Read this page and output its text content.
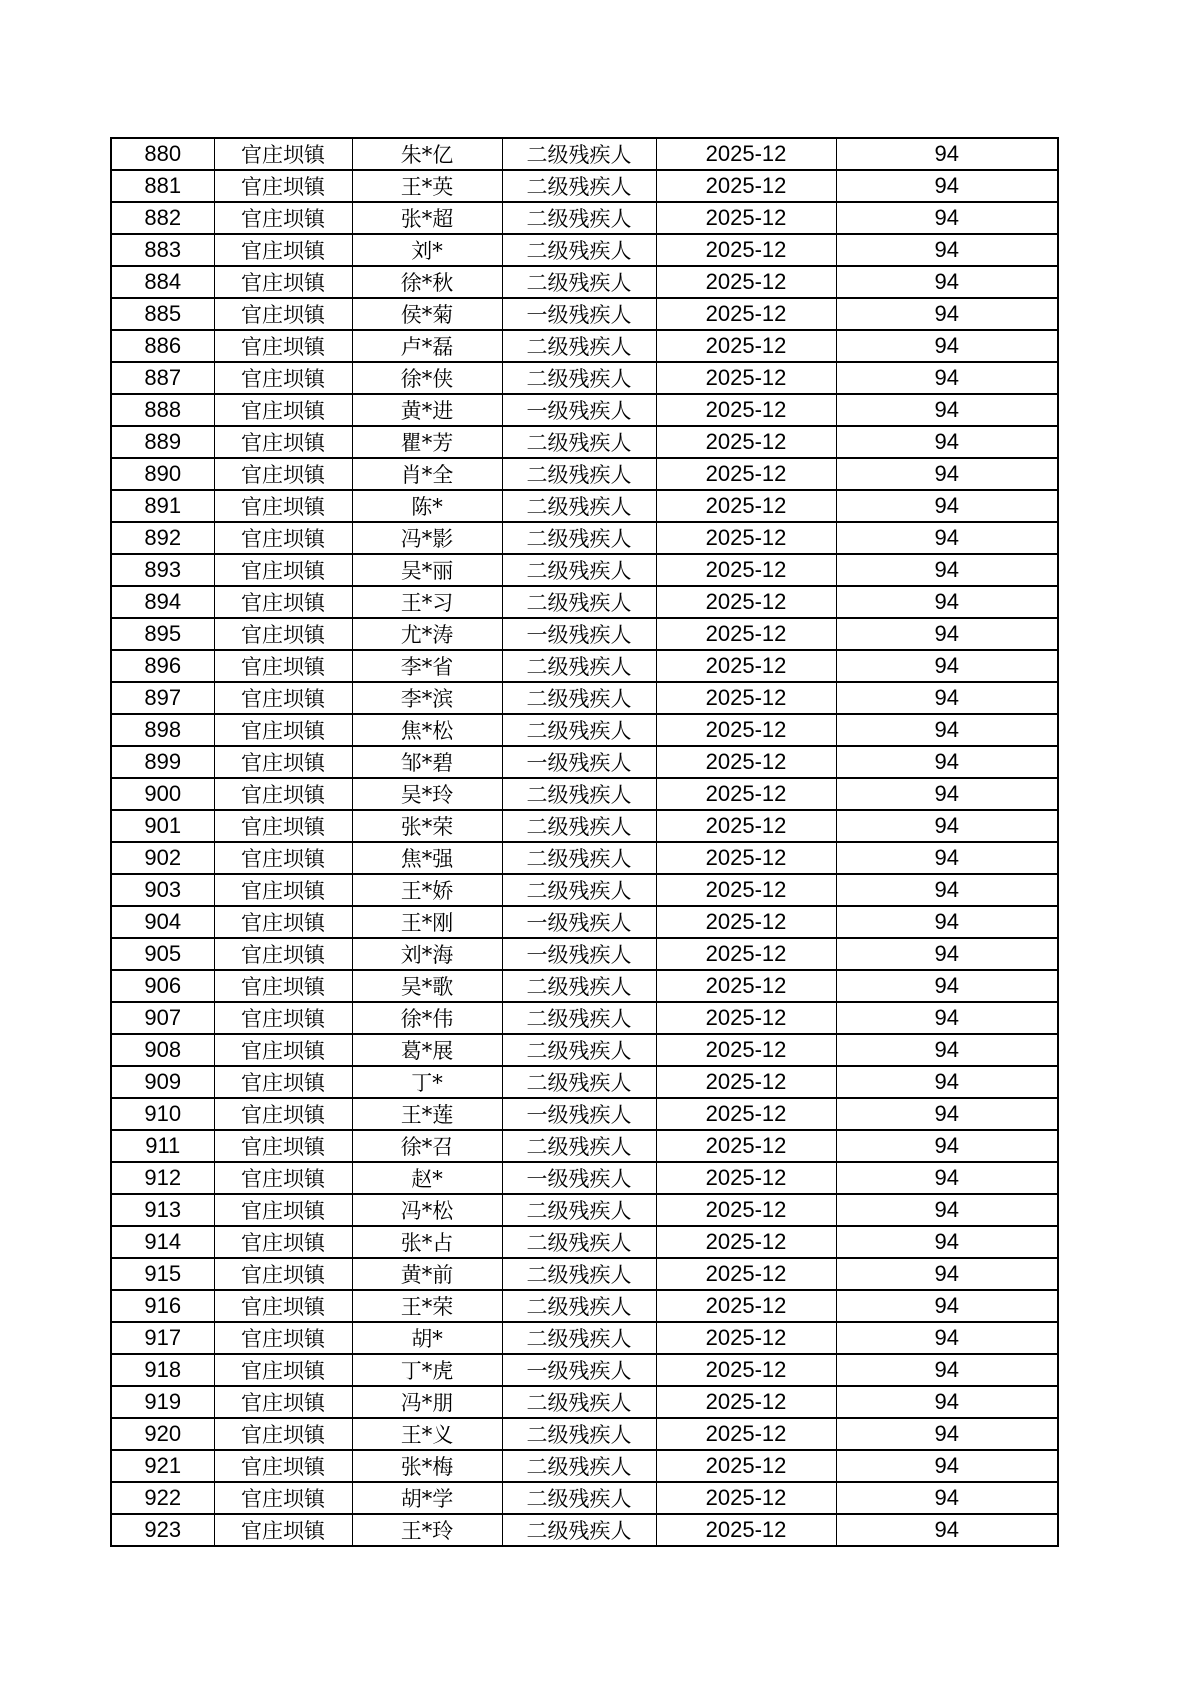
880	官庄坝镇	朱*亿	二级残疾人	2025-12	94
881	官庄坝镇	王*英	二级残疾人	2025-12	94
882	官庄坝镇	张*超	二级残疾人	2025-12	94
883	官庄坝镇	刘*	二级残疾人	2025-12	94
884	官庄坝镇	徐*秋	二级残疾人	2025-12	94
885	官庄坝镇	侯*菊	一级残疾人	2025-12	94
886	官庄坝镇	卢*磊	二级残疾人	2025-12	94
887	官庄坝镇	徐*侠	二级残疾人	2025-12	94
888	官庄坝镇	黄*进	一级残疾人	2025-12	94
889	官庄坝镇	瞿*芳	二级残疾人	2025-12	94
890	官庄坝镇	肖*全	二级残疾人	2025-12	94
891	官庄坝镇	陈*	二级残疾人	2025-12	94
892	官庄坝镇	冯*影	二级残疾人	2025-12	94
893	官庄坝镇	吴*丽	二级残疾人	2025-12	94
894	官庄坝镇	王*习	二级残疾人	2025-12	94
895	官庄坝镇	尤*涛	一级残疾人	2025-12	94
896	官庄坝镇	李*省	二级残疾人	2025-12	94
897	官庄坝镇	李*滨	二级残疾人	2025-12	94
898	官庄坝镇	焦*松	二级残疾人	2025-12	94
899	官庄坝镇	邹*碧	一级残疾人	2025-12	94
900	官庄坝镇	吴*玲	二级残疾人	2025-12	94
901	官庄坝镇	张*荣	二级残疾人	2025-12	94
902	官庄坝镇	焦*强	二级残疾人	2025-12	94
903	官庄坝镇	王*娇	二级残疾人	2025-12	94
904	官庄坝镇	王*刚	一级残疾人	2025-12	94
905	官庄坝镇	刘*海	一级残疾人	2025-12	94
906	官庄坝镇	吴*歌	二级残疾人	2025-12	94
907	官庄坝镇	徐*伟	二级残疾人	2025-12	94
908	官庄坝镇	葛*展	二级残疾人	2025-12	94
909	官庄坝镇	丁*	二级残疾人	2025-12	94
910	官庄坝镇	王*莲	一级残疾人	2025-12	94
911	官庄坝镇	徐*召	二级残疾人	2025-12	94
912	官庄坝镇	赵*	一级残疾人	2025-12	94
913	官庄坝镇	冯*松	二级残疾人	2025-12	94
914	官庄坝镇	张*占	二级残疾人	2025-12	94
915	官庄坝镇	黄*前	二级残疾人	2025-12	94
916	官庄坝镇	王*荣	二级残疾人	2025-12	94
917	官庄坝镇	胡*	二级残疾人	2025-12	94
918	官庄坝镇	丁*虎	一级残疾人	2025-12	94
919	官庄坝镇	冯*朋	二级残疾人	2025-12	94
920	官庄坝镇	王*义	二级残疾人	2025-12	94
921	官庄坝镇	张*梅	二级残疾人	2025-12	94
922	官庄坝镇	胡*学	二级残疾人	2025-12	94
923	官庄坝镇	王*玲	二级残疾人	2025-12	94
